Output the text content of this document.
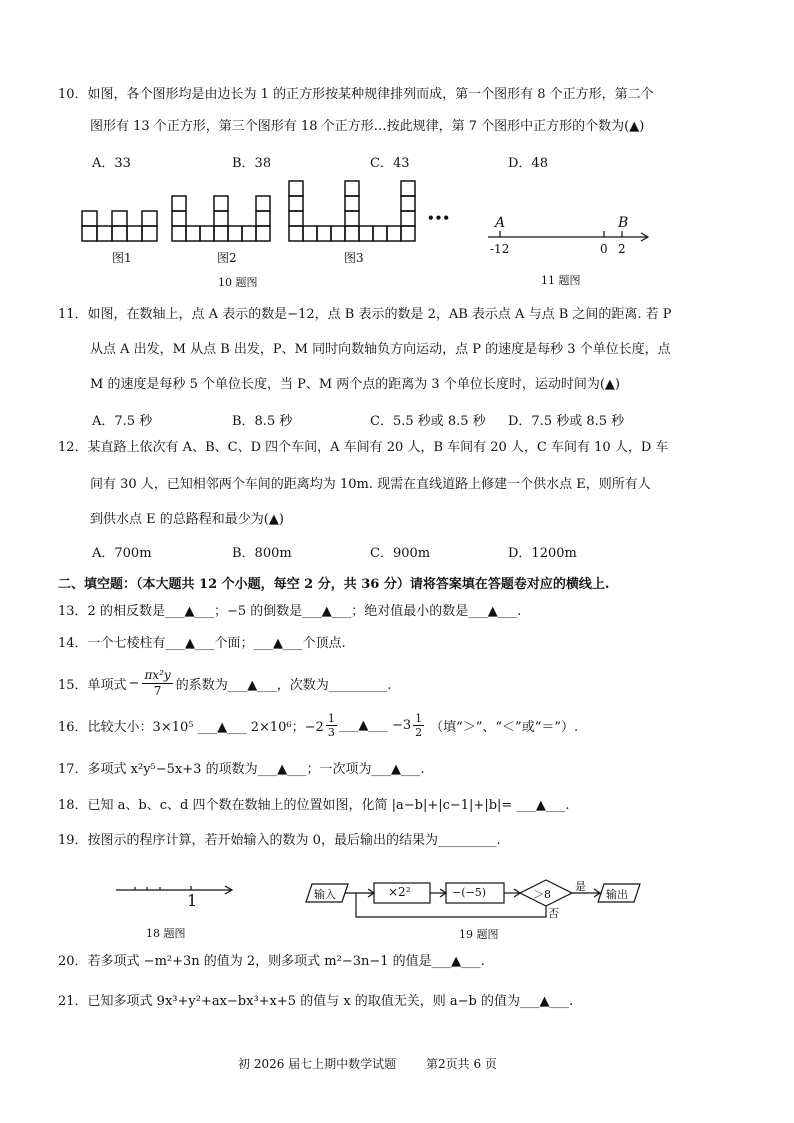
10．如图，各个图形均是由边长为 1 的正方形按某种规律排列而成，第一个图形有 8 个正方形，第二个
图形有 13 个正方形，第三个图形有 18 个正方形…按此规律，第 7 个图形中正方形的个数为(▲)
A．33	B．38	C．43	D．48
图1	图2	图3
•••
10 题图
A	B
-12	0 2
11 题图
11．如图，在数轴上，点 A 表示的数是−12，点 B 表示的数是 2，AB 表示点 A 与点 B 之间的距离. 若 P
从点 A 出发，M 从点 B 出发，P、M 同时向数轴负方向运动，点 P 的速度是每秒 3 个单位长度，点
M 的速度是每秒 5 个单位长度，当 P、M 两个点的距离为 3 个单位长度时，运动时间为(▲)
A．7.5 秒	B．8.5 秒	C．5.5 秒或 8.5 秒 D．7.5 秒或 8.5 秒
12．某直路上依次有 A、B、C、D 四个车间，A 车间有 20 人，B 车间有 20 人，C 车间有 10 人，D 车
间有 30 人，已知相邻两个车间的距离均为 10m. 现需在直线道路上修建一个供水点 E，则所有人
到供水点 E 的总路程和最少为(▲)
A．700m	B．800m	C．900m	D．1200m
二、填空题：（本大题共 12 个小题，每空 2 分，共 36 分）请将答案填在答题卷对应的横线上.
13．2 的相反数是___▲___；−5 的倒数是___▲___；绝对值最小的数是___▲___.
14．一个七棱柱有___▲___个面；___▲___个顶点.
15．单项式 − $\frac{\text{πx²y}}{7}$ 的系数为___▲___，次数为_________.
16．比较大小：3×10⁵ ___▲___ 2×10⁶；$-2 \frac{1}{3}$ ___▲___ $-3 \frac{1}{2}$ （填“＞”、“＜”或“＝”）.
17．多项式 x²y⁵−5x+3 的项数为___▲___；一次项为___▲___.
18．已知 a、b、c、d 四个数在数轴上的位置如图，化简 |a−b|+|c−1|+|b|= ___▲___.
19．按图示的程序计算，若开始输入的数为 0，最后输出的结果为_________.
1
18 题图
输入	×2²	−(−5)	＞8
是
否
输出
19 题图
20．若多项式 −m²+3n 的值为 2，则多项式 m²−3n−1 的值是___▲___.
21．已知多项式 9x³+y²+ax−bx³+x+5 的值与 x 的取值无关，则 a−b 的值为___▲___.
初 2026 届七上期中数学试题 第2页共 6 页
